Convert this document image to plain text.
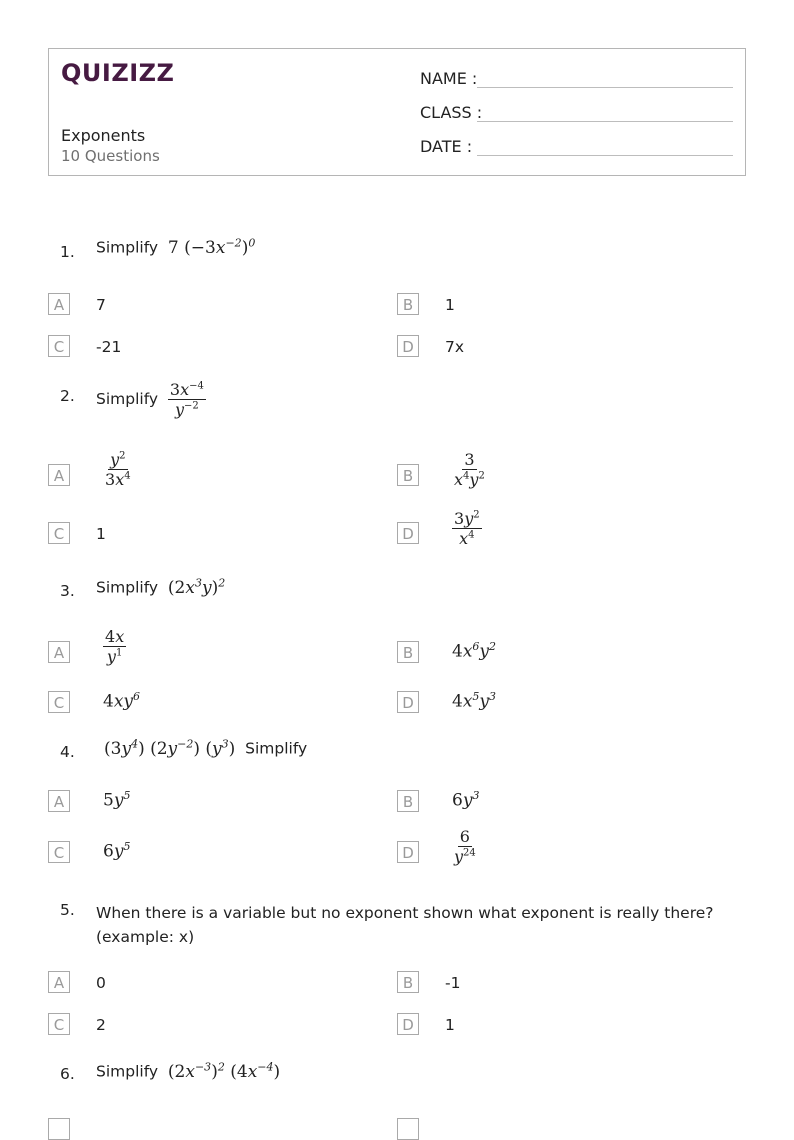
QUIZIZZ
Exponents
10 Questions
NAME :
CLASS :
DATE :
1. Simplify 7 $(-3x^{-2})^0$
A	7	B	1
C	-21	D	7x
2. Simplify $\frac{3x^{-4}}{y^{-2}}$
A	$\frac{y^2}{3x^4}$	B	$\frac{3}{x^4y^2}$
C	1	D	$\frac{3y^2}{x^4}$
3. Simplify $(2x^3y)^2$
A	$\frac{4x}{y^1}$	B	$4x^6y^2$
C	$4xy^6$	D	$4x^5y^3$
4. $(3y^4)$ $(2y^{-2})$ $(y^3)$ Simplify
A	$5y^5$	B	$6y^3$
C	$6y^5$	D	$\frac{6}{y^{24}}$
5. When there is a variable but no exponent shown what exponent is really there?
(example: x)
A	0	B	-1
C	2	D	1
6. Simplify $(2x^{-3})^2$ $(4x^{-4})$
